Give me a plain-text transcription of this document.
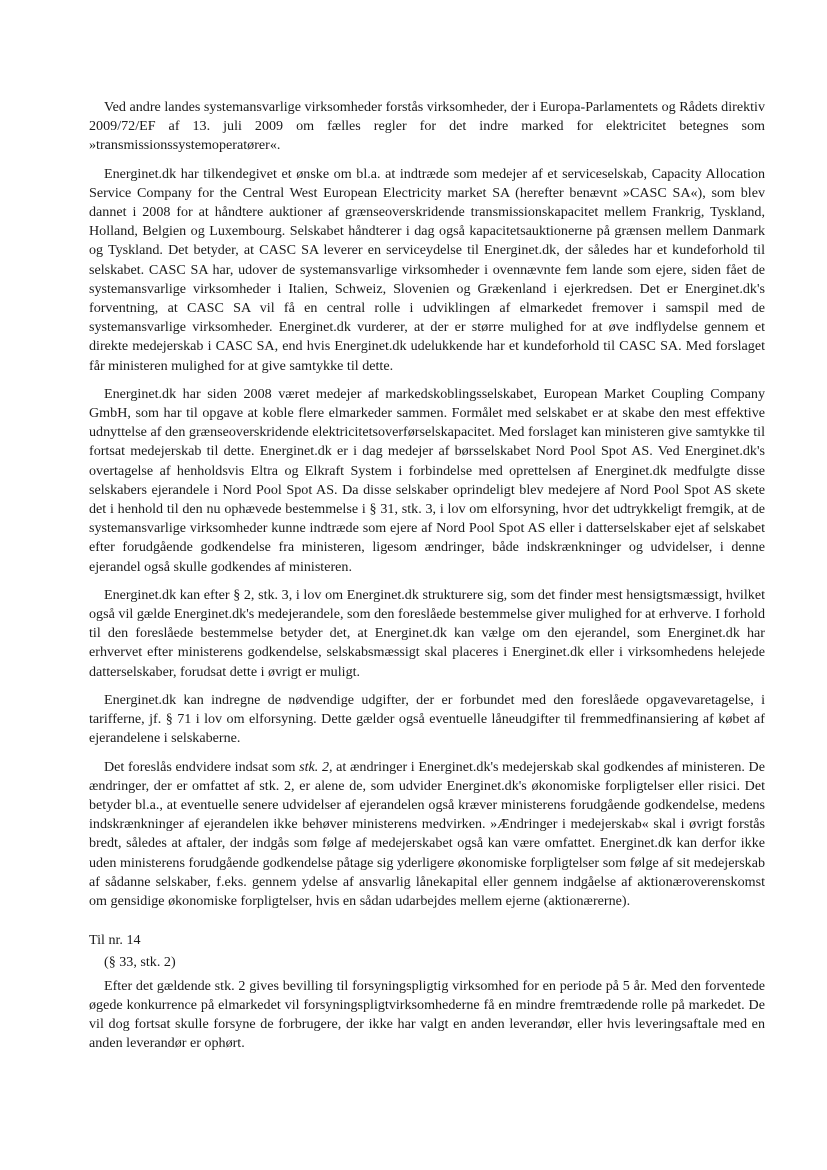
Ved andre landes systemansvarlige virksomheder forstås virksomheder, der i Europa-Parlamentets og Rådets direktiv 2009/72/EF af 13. juli 2009 om fælles regler for det indre marked for elektricitet betegnes som »transmissionssystemoperatører«.

Energinet.dk har tilkendegivet et ønske om bl.a. at indtræde som medejer af et serviceselskab, Capacity Allocation Service Company for the Central West European Electricity market SA (herefter benævnt »CASC SA«), som blev dannet i 2008 for at håndtere auktioner af grænseoverskridende transmissionskapacitet mellem Frankrig, Tyskland, Holland, Belgien og Luxembourg. Selskabet håndterer i dag også kapacitetsauktionerne på grænsen mellem Danmark og Tyskland. Det betyder, at CASC SA leverer en serviceydelse til Energinet.dk, der således har et kundeforhold til selskabet. CASC SA har, udover de systemansvarlige virksomheder i ovennævnte fem lande som ejere, siden fået de systemansvarlige virksomheder i Italien, Schweiz, Slovenien og Grækenland i ejerkredsen. Det er Energinet.dk's forventning, at CASC SA vil få en central rolle i udviklingen af elmarkedet fremover i samspil med de systemansvarlige virksomheder. Energinet.dk vurderer, at der er større mulighed for at øve indflydelse gennem et direkte medejerskab i CASC SA, end hvis Energinet.dk udelukkende har et kundeforhold til CASC SA. Med forslaget får ministeren mulighed for at give samtykke til dette.

Energinet.dk har siden 2008 været medejer af markedskoblingsselskabet, European Market Coupling Company GmbH, som har til opgave at koble flere elmarkeder sammen. Formålet med selskabet er at skabe den mest effektive udnyttelse af den grænseoverskridende elektricitetsoverførselskapacitet. Med forslaget kan ministeren give samtykke til fortsat medejerskab til dette. Energinet.dk er i dag medejer af børsselskabet Nord Pool Spot AS. Ved Energinet.dk's overtagelse af henholdsvis Eltra og Elkraft System i forbindelse med oprettelsen af Energinet.dk medfulgte disse selskabers ejerandele i Nord Pool Spot AS. Da disse selskaber oprindeligt blev medejere af Nord Pool Spot AS skete det i henhold til den nu ophævede bestemmelse i § 31, stk. 3, i lov om elforsyning, hvor det udtrykkeligt fremgik, at de systemansvarlige virksomheder kunne indtræde som ejere af Nord Pool Spot AS eller i datterselskaber ejet af selskabet efter forudgående godkendelse fra ministeren, ligesom ændringer, både indskrænkninger og udvidelser, i denne ejerandel også skulle godkendes af ministeren.

Energinet.dk kan efter § 2, stk. 3, i lov om Energinet.dk strukturere sig, som det finder mest hensigtsmæssigt, hvilket også vil gælde Energinet.dk's medejerandele, som den foreslåede bestemmelse giver mulighed for at erhverve. I forhold til den foreslåede bestemmelse betyder det, at Energinet.dk kan vælge om den ejerandel, som Energinet.dk har erhvervet efter ministerens godkendelse, selskabsmæssigt skal placeres i Energinet.dk eller i virksomhedens helejede datterselskaber, forudsat dette i øvrigt er muligt.

Energinet.dk kan indregne de nødvendige udgifter, der er forbundet med den foreslåede opgavevaretagelse, i tarifferne, jf. § 71 i lov om elforsyning. Dette gælder også eventuelle låneudgifter til fremmedfinansiering af købet af ejerandelene i selskaberne.

Det foreslås endvidere indsat som stk. 2, at ændringer i Energinet.dk's medejerskab skal godkendes af ministeren. De ændringer, der er omfattet af stk. 2, er alene de, som udvider Energinet.dk's økonomiske forpligtelser eller risici. Det betyder bl.a., at eventuelle senere udvidelser af ejerandelen også kræver ministerens forudgående godkendelse, medens indskrænkninger af ejerandelen ikke behøver ministerens medvirken. »Ændringer i medejerskab« skal i øvrigt forstås bredt, således at aftaler, der indgås som følge af medejerskabet også kan være omfattet. Energinet.dk kan derfor ikke uden ministerens forudgående godkendelse påtage sig yderligere økonomiske forpligtelser som følge af sit medejerskab af sådanne selskaber, f.eks. gennem ydelse af ansvarlig lånekapital eller gennem indgåelse af aktionæroverenskomst om gensidige økonomiske forpligtelser, hvis en sådan udarbejdes mellem ejerne (aktionærerne).

Til nr. 14

(§ 33, stk. 2)

Efter det gældende stk. 2 gives bevilling til forsyningspligtig virksomhed for en periode på 5 år. Med den forventede øgede konkurrence på elmarkedet vil forsyningspligtvirksomhederne få en mindre fremtrædende rolle på markedet. De vil dog fortsat skulle forsyne de forbrugere, der ikke har valgt en anden leverandør, eller hvis leveringsaftale med en anden leverandør er ophørt.
